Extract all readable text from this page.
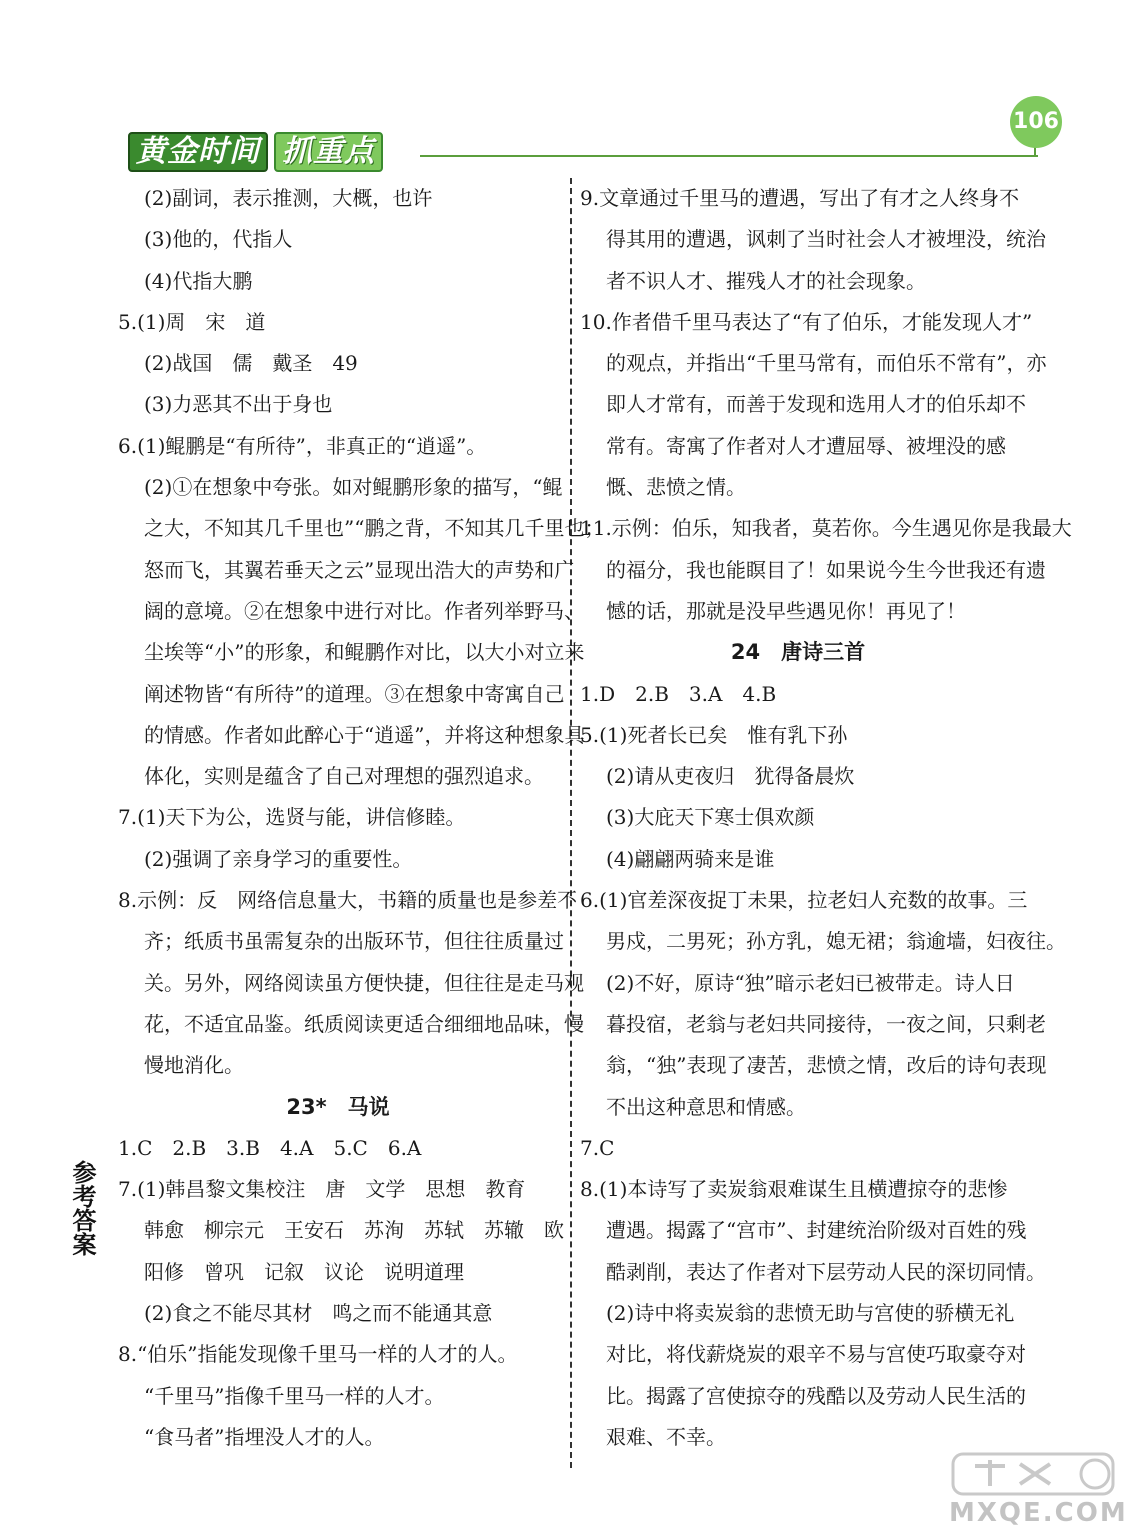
黄金时间 抓重点
106
参考答案
(2)副词，表示推测，大概，也许
(3)他的，代指人
(4)代指大鹏
5.(1)周　宋　道
(2)战国　儒　戴圣　49
(3)力恶其不出于身也
6.(1)鲲鹏是“有所待”，非真正的“逍遥”。
(2)①在想象中夸张。如对鲲鹏形象的描写，“鲲
之大，不知其几千里也”“鹏之背，不知其几千里也；
怒而飞，其翼若垂天之云”显现出浩大的声势和广
阔的意境。②在想象中进行对比。作者列举野马、
尘埃等“小”的形象，和鲲鹏作对比，以大小对立来
阐述物皆“有所待”的道理。③在想象中寄寓自己
的情感。作者如此醉心于“逍遥”，并将这种想象具
体化，实则是蕴含了自己对理想的强烈追求。
7.(1)天下为公，选贤与能，讲信修睦。
(2)强调了亲身学习的重要性。
8.示例：反　网络信息量大，书籍的质量也是参差不
齐；纸质书虽需复杂的出版环节，但往往质量过
关。另外，网络阅读虽方便快捷，但往往是走马观
花，不适宜品鉴。纸质阅读更适合细细地品味，慢
慢地消化。
23*　马说
1.C　2.B　3.B　4.A　5.C　6.A
7.(1)韩昌黎文集校注　唐　文学　思想　教育
韩愈　柳宗元　王安石　苏洵　苏轼　苏辙　欧
阳修　曾巩　记叙　议论　说明道理
(2)食之不能尽其材　鸣之而不能通其意
8.“伯乐”指能发现像千里马一样的人才的人。
“千里马”指像千里马一样的人才。
“食马者”指埋没人才的人。
9.文章通过千里马的遭遇，写出了有才之人终身不
得其用的遭遇，讽刺了当时社会人才被埋没，统治
者不识人才、摧残人才的社会现象。
10.作者借千里马表达了“有了伯乐，才能发现人才”
的观点，并指出“千里马常有，而伯乐不常有”，亦
即人才常有，而善于发现和选用人才的伯乐却不
常有。寄寓了作者对人才遭屈辱、被埋没的感
慨、悲愤之情。
11.示例：伯乐，知我者，莫若你。今生遇见你是我最大
的福分，我也能瞑目了！如果说今生今世我还有遗
憾的话，那就是没早些遇见你！再见了！
24　唐诗三首
1.D　2.B　3.A　4.B
5.(1)死者长已矣　惟有乳下孙
(2)请从吏夜归　犹得备晨炊
(3)大庇天下寒士俱欢颜
(4)翩翩两骑来是谁
6.(1)官差深夜捉丁未果，拉老妇人充数的故事。三
男戍，二男死；孙方乳，媳无裙；翁逾墙，妇夜往。
(2)不好，原诗“独”暗示老妇已被带走。诗人日
暮投宿，老翁与老妇共同接待，一夜之间，只剩老
翁，“独”表现了凄苦，悲愤之情，改后的诗句表现
不出这种意思和情感。
7.C
8.(1)本诗写了卖炭翁艰难谋生且横遭掠夺的悲惨
遭遇。揭露了“宫市”、封建统治阶级对百姓的残
酷剥削，表达了作者对下层劳动人民的深切同情。
(2)诗中将卖炭翁的悲愤无助与宫使的骄横无礼
对比，将伐薪烧炭的艰辛不易与宫使巧取豪夺对
比。揭露了宫使掠夺的残酷以及劳动人民生活的
艰难、不幸。
MXQE.COM
